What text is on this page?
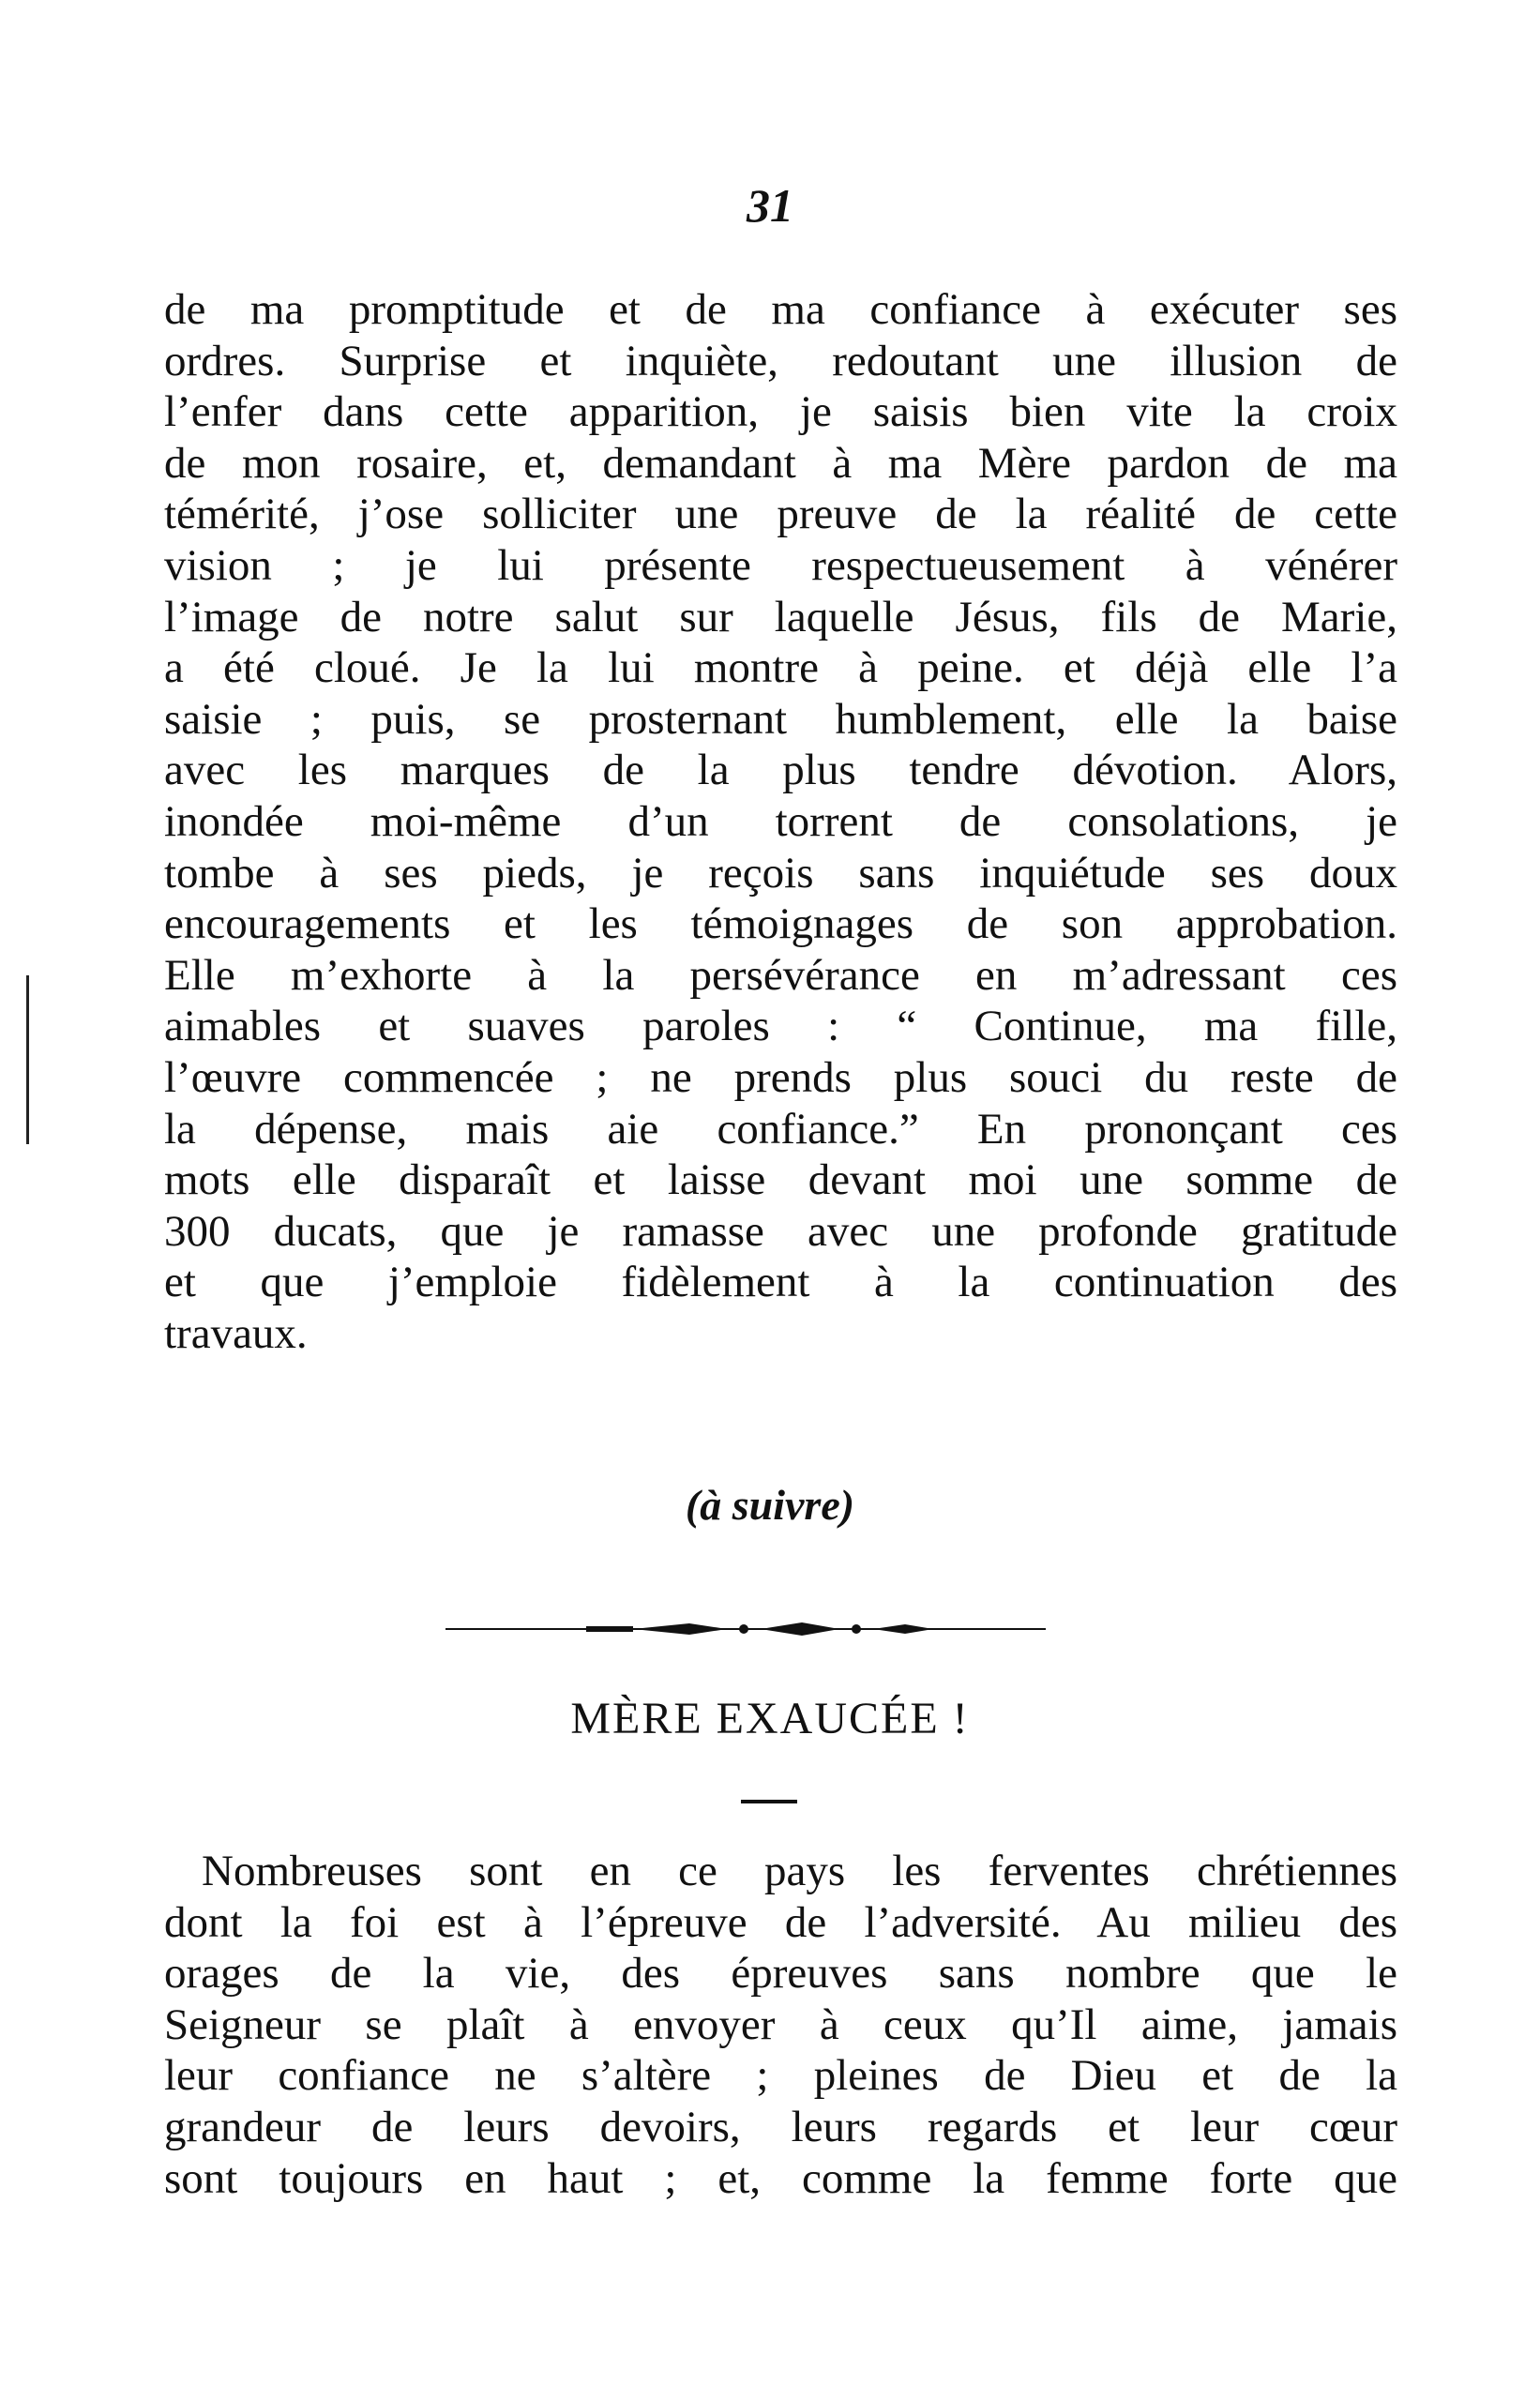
31
de ma promptitude et de ma confiance à exécuter ses
ordres. Surprise et inquiète, redoutant une illusion de
l’enfer dans cette apparition, je saisis bien vite la croix
de mon rosaire, et, demandant à ma Mère pardon de ma
témérité, j’ose solliciter une preuve de la réalité de cette
vision ; je lui présente respectueusement à vénérer
l’image de notre salut sur laquelle Jésus, fils de Marie,
a été cloué. Je la lui montre à peine. et déjà elle l’a
saisie ; puis, se prosternant humblement, elle la baise
avec les marques de la plus tendre dévotion. Alors,
inondée moi-même d’un torrent de consolations, je
tombe à ses pieds, je reçois sans inquiétude ses doux
encouragements et les témoignages de son approbation.
Elle m’exhorte à la persévérance en m’adressant ces
aimables et suaves paroles : “ Continue, ma fille,
l’œuvre commencée ; ne prends plus souci du reste de
la dépense, mais aie confiance.” En prononçant ces
mots elle disparaît et laisse devant moi une somme de
300 ducats, que je ramasse avec une profonde gratitude
et que j’emploie fidèlement à la continuation des
travaux.
(à suivre)
MÈRE EXAUCÉE !
Nombreuses sont en ce pays les ferventes chrétiennes
dont la foi est à l’épreuve de l’adversité. Au milieu des
orages de la vie, des épreuves sans nombre que le
Seigneur se plaît à envoyer à ceux qu’Il aime, jamais
leur confiance ne s’altère ; pleines de Dieu et de la
grandeur de leurs devoirs, leurs regards et leur cœur
sont toujours en haut ; et, comme la femme forte que
